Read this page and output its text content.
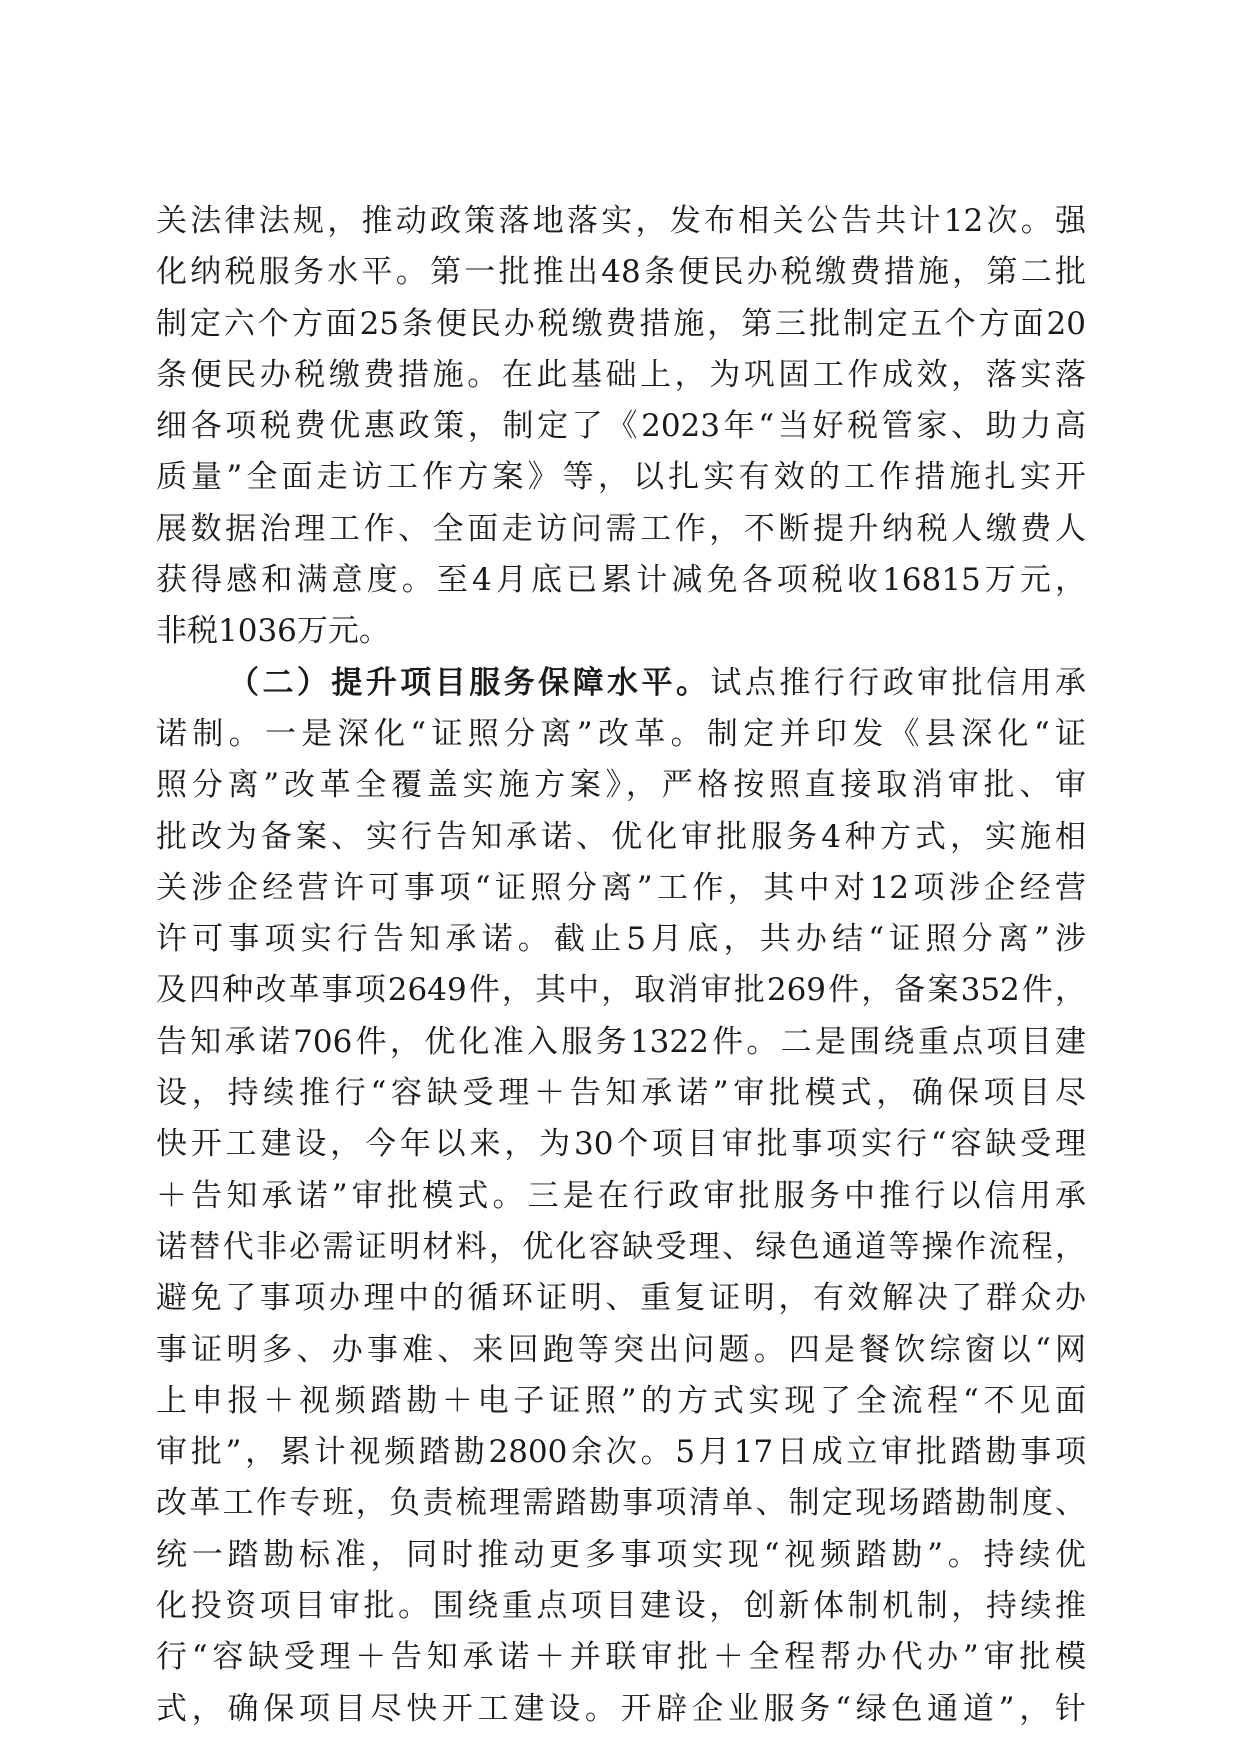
关法律法规，推动政策落地落实，发布相关公告共计12次。强
化纳税服务水平。第一批推出48条便民办税缴费措施，第二批
制定六个方面25条便民办税缴费措施，第三批制定五个方面20
条便民办税缴费措施。在此基础上，为巩固工作成效，落实落
细各项税费优惠政策，制定了《2023年“当好税管家、助力高
质量”全面走访工作方案》等，以扎实有效的工作措施扎实开
展数据治理工作、全面走访问需工作，不断提升纳税人缴费人
获得感和满意度。至4月底已累计减免各项税收16815万元，
非税1036万元。
（二）提升项目服务保障水平。试点推行行政审批信用承
诺制。一是深化“证照分离”改革。制定并印发《县深化“证
照分离”改革全覆盖实施方案》，严格按照直接取消审批、审
批改为备案、实行告知承诺、优化审批服务4种方式，实施相
关涉企经营许可事项“证照分离”工作，其中对12项涉企经营
许可事项实行告知承诺。截止5月底，共办结“证照分离”涉
及四种改革事项2649件，其中，取消审批269件，备案352件，
告知承诺706件，优化准入服务1322件。二是围绕重点项目建
设，持续推行“容缺受理＋告知承诺”审批模式，确保项目尽
快开工建设，今年以来，为30个项目审批事项实行“容缺受理
＋告知承诺”审批模式。三是在行政审批服务中推行以信用承
诺替代非必需证明材料，优化容缺受理、绿色通道等操作流程，
避免了事项办理中的循环证明、重复证明，有效解决了群众办
事证明多、办事难、来回跑等突出问题。四是餐饮综窗以“网
上申报＋视频踏勘＋电子证照”的方式实现了全流程“不见面
审批”，累计视频踏勘2800余次。5月17日成立审批踏勘事项
改革工作专班，负责梳理需踏勘事项清单、制定现场踏勘制度、
统一踏勘标准，同时推动更多事项实现“视频踏勘”。持续优
化投资项目审批。围绕重点项目建设，创新体制机制，持续推
行“容缺受理＋告知承诺＋并联审批＋全程帮办代办”审批模
式，确保项目尽快开工建设。开辟企业服务“绿色通道”，针
